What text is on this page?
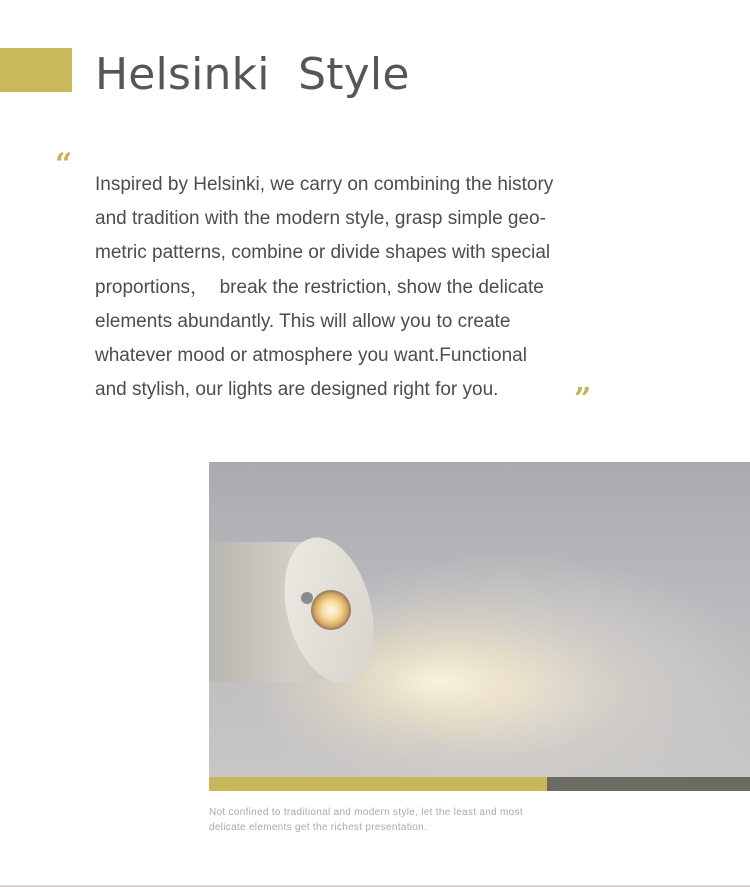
Helsinki  Style
“

Inspired by Helsinki, we carry on combining the history
and tradition with the modern style, grasp simple geo-
metric patterns, combine or divide shapes with special
proportions，  break the restriction, show the delicate
elements abundantly. This will allow you to create
whatever mood or atmosphere you want.Functional
and stylish, our lights are designed right for you.	”

Not confined to traditional and modern style, let the least and most
delicate elements get the richest presentation.
